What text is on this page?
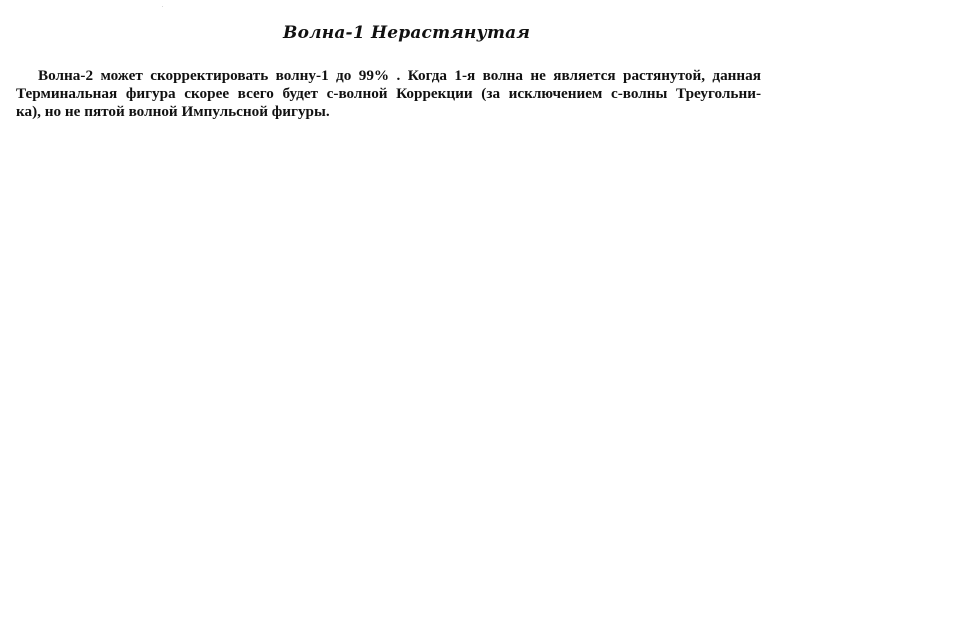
Волна-1 Нерастянутая

Волна-2 может скорректировать волну-1 до 99% . Когда 1-я волна не является растянутой, данная
Терминальная фигура скорее всего будет c-волной Коррекции (за исключением с-волны Треугольни-
ка), но не пятой волной Импульсной фигуры.
